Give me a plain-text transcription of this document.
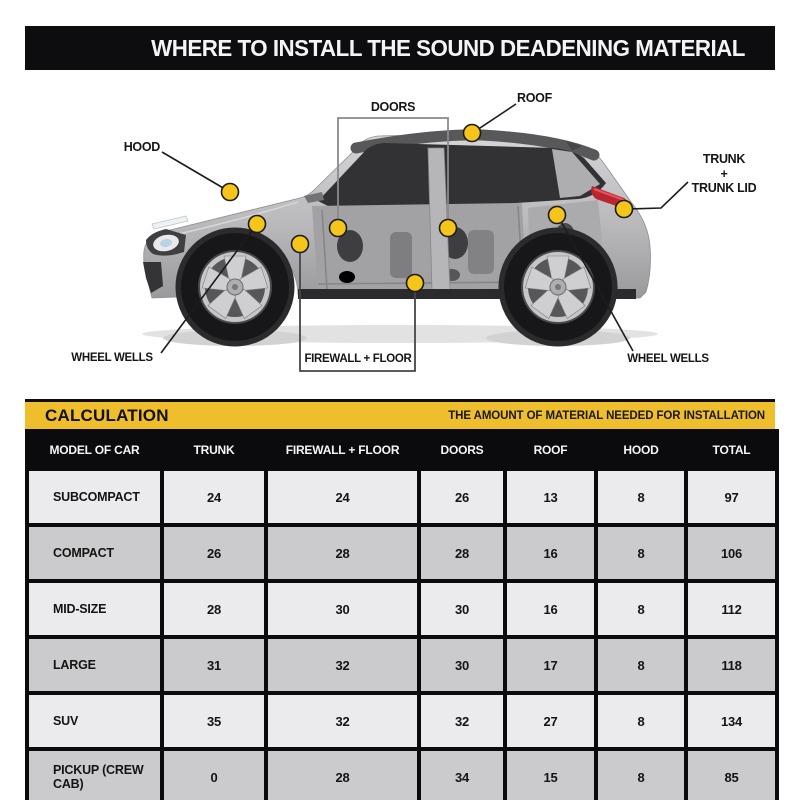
WHERE TO INSTALL THE SOUND DEADENING MATERIAL
HOOD
DOORS
ROOF
TRUNK
+
TRUNK LID
WHEEL WELLS	FIREWALL + FLOOR	WHEEL WELLS
CALCULATION	THE AMOUNT OF MATERIAL NEEDED FOR INSTALLATION
MODEL OF CAR	TRUNK	FIREWALL + FLOOR	DOORS	ROOF	HOOD	TOTAL
SUBCOMPACT	24	24	26	13	8	97
COMPACT	26	28	28	16	8	106
MID-SIZE	28	30	30	16	8	112
LARGE	31	32	30	17	8	118
SUV	35	32	32	27	8	134
PICKUP (CREW CAB)	0	28	34	15	8	85
